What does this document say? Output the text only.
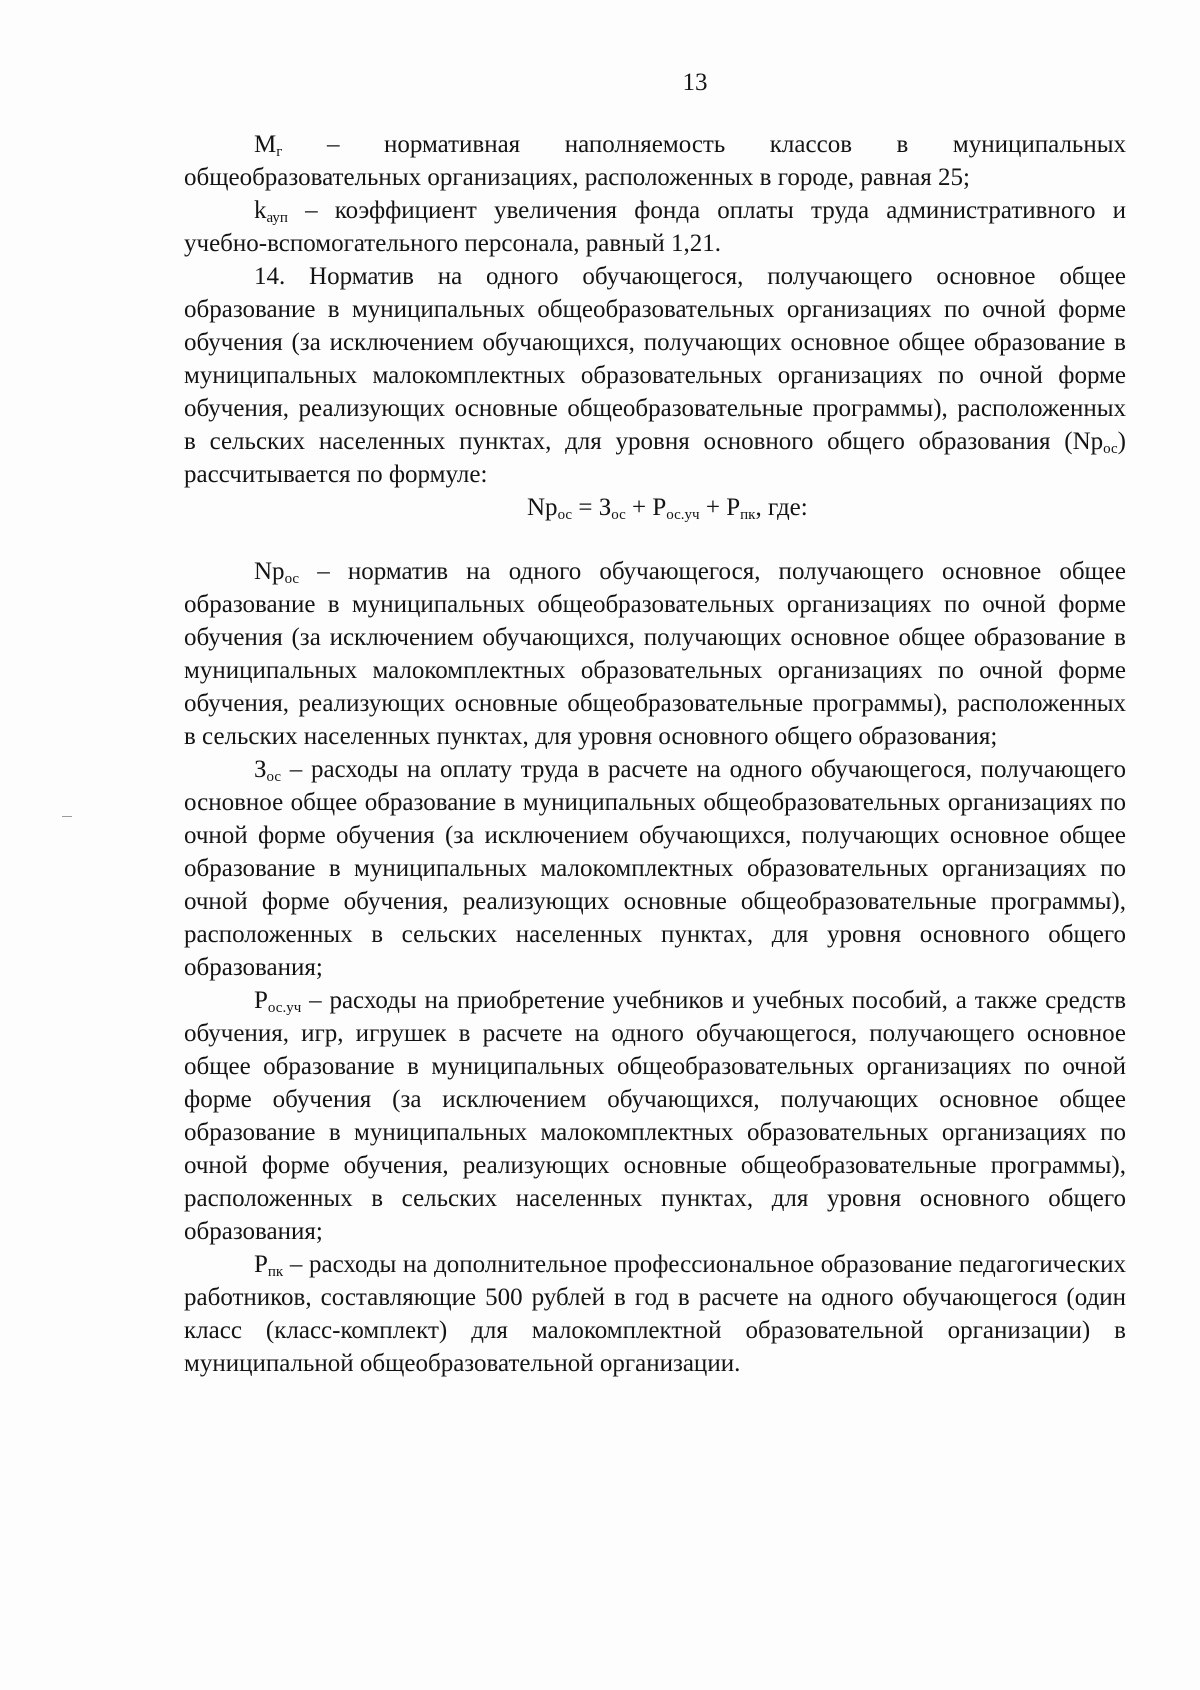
13

$М_г$ – нормативная наполняемость классов в муниципальных общеобразовательных организациях, расположенных в городе, равная 25;

$k_{ауп}$ – коэффициент увеличения фонда оплаты труда административного и учебно-вспомогательного персонала, равный 1,21.

14. Норматив на одного обучающегося, получающего основное общее образование в муниципальных общеобразовательных организациях по очной форме обучения (за исключением обучающихся, получающих основное общее образование в муниципальных малокомплектных образовательных организациях по очной форме обучения, реализующих основные общеобразовательные программы), расположенных в сельских населенных пунктах, для уровня основного общего образования $(Nр_{ос})$ рассчитывается по формуле:

$Nр_{ос} = З_{ос} + Р_{ос.уч} + Р_{пк}$, где:

$Nр_{ос}$ – норматив на одного обучающегося, получающего основное общее образование в муниципальных общеобразовательных организациях по очной форме обучения (за исключением обучающихся, получающих основное общее образование в муниципальных малокомплектных образовательных организациях по очной форме обучения, реализующих основные общеобразовательные программы), расположенных в сельских населенных пунктах, для уровня основного общего образования;

$З_{ос}$ – расходы на оплату труда в расчете на одного обучающегося, получающего основное общее образование в муниципальных общеобразовательных организациях по очной форме обучения (за исключением обучающихся, получающих основное общее образование в муниципальных малокомплектных образовательных организациях по очной форме обучения, реализующих основные общеобразовательные программы), расположенных в сельских населенных пунктах, для уровня основного общего образования;

$Р_{ос.уч}$ – расходы на приобретение учебников и учебных пособий, а также средств обучения, игр, игрушек в расчете на одного обучающегося, получающего основное общее образование в муниципальных общеобразовательных организациях по очной форме обучения (за исключением обучающихся, получающих основное общее образование в муниципальных малокомплектных образовательных организациях по очной форме обучения, реализующих основные общеобразовательные программы), расположенных в сельских населенных пунктах, для уровня основного общего образования;

$Р_{пк}$ – расходы на дополнительное профессиональное образование педагогических работников, составляющие 500 рублей в год в расчете на одного обучающегося (один класс (класс-комплект) для малокомплектной образовательной организации) в муниципальной общеобразовательной организации.
